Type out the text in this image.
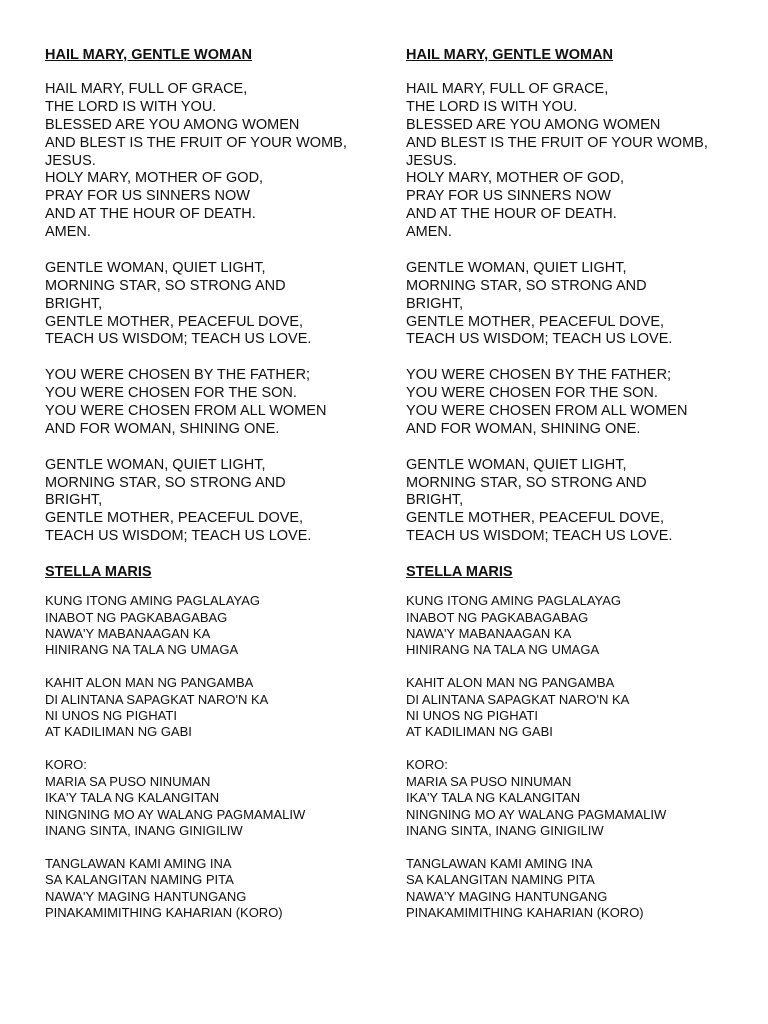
HAIL MARY, GENTLE WOMAN
HAIL MARY, FULL OF GRACE,
THE LORD IS WITH YOU.
BLESSED ARE YOU AMONG WOMEN
AND BLEST IS THE FRUIT OF YOUR WOMB,
JESUS.
HOLY MARY, MOTHER OF GOD,
PRAY FOR US SINNERS NOW
AND AT THE HOUR OF DEATH.
AMEN.
GENTLE WOMAN, QUIET LIGHT,
MORNING STAR, SO STRONG AND
BRIGHT,
GENTLE MOTHER, PEACEFUL DOVE,
TEACH US WISDOM; TEACH US LOVE.
YOU WERE CHOSEN BY THE FATHER;
YOU WERE CHOSEN FOR THE SON.
YOU WERE CHOSEN FROM ALL WOMEN
AND FOR WOMAN, SHINING ONE.
GENTLE WOMAN, QUIET LIGHT,
MORNING STAR, SO STRONG AND
BRIGHT,
GENTLE MOTHER, PEACEFUL DOVE,
TEACH US WISDOM; TEACH US LOVE.
STELLA MARIS
KUNG ITONG AMING PAGLALAYAG
INABOT NG PAGKABAGABAG
NAWA'Y MABANAAGAN KA
HINIRANG NA TALA NG UMAGA
KAHIT ALON MAN NG PANGAMBA
DI ALINTANA SAPAGKAT NARO'N KA
NI UNOS NG PIGHATI
AT KADILIMAN NG GABI
KORO:
MARIA SA PUSO NINUMAN
IKA'Y TALA NG KALANGITAN
NINGNING MO AY WALANG PAGMAMALIW
INANG SINTA, INANG GINIGILIW
TANGLAWAN KAMI AMING INA
SA KALANGITAN NAMING PITA
NAWA'Y MAGING HANTUNGANG
PINAKAMIMITHING KAHARIAN (KORO)
HAIL MARY, GENTLE WOMAN
HAIL MARY, FULL OF GRACE,
THE LORD IS WITH YOU.
BLESSED ARE YOU AMONG WOMEN
AND BLEST IS THE FRUIT OF YOUR WOMB,
JESUS.
HOLY MARY, MOTHER OF GOD,
PRAY FOR US SINNERS NOW
AND AT THE HOUR OF DEATH.
AMEN.
GENTLE WOMAN, QUIET LIGHT,
MORNING STAR, SO STRONG AND
BRIGHT,
GENTLE MOTHER, PEACEFUL DOVE,
TEACH US WISDOM; TEACH US LOVE.
YOU WERE CHOSEN BY THE FATHER;
YOU WERE CHOSEN FOR THE SON.
YOU WERE CHOSEN FROM ALL WOMEN
AND FOR WOMAN, SHINING ONE.
GENTLE WOMAN, QUIET LIGHT,
MORNING STAR, SO STRONG AND
BRIGHT,
GENTLE MOTHER, PEACEFUL DOVE,
TEACH US WISDOM; TEACH US LOVE.
STELLA MARIS
KUNG ITONG AMING PAGLALAYAG
INABOT NG PAGKABAGABAG
NAWA'Y MABANAAGAN KA
HINIRANG NA TALA NG UMAGA
KAHIT ALON MAN NG PANGAMBA
DI ALINTANA SAPAGKAT NARO'N KA
NI UNOS NG PIGHATI
AT KADILIMAN NG GABI
KORO:
MARIA SA PUSO NINUMAN
IKA'Y TALA NG KALANGITAN
NINGNING MO AY WALANG PAGMAMALIW
INANG SINTA, INANG GINIGILIW
TANGLAWAN KAMI AMING INA
SA KALANGITAN NAMING PITA
NAWA'Y MAGING HANTUNGANG
PINAKAMIMITHING KAHARIAN (KORO)
